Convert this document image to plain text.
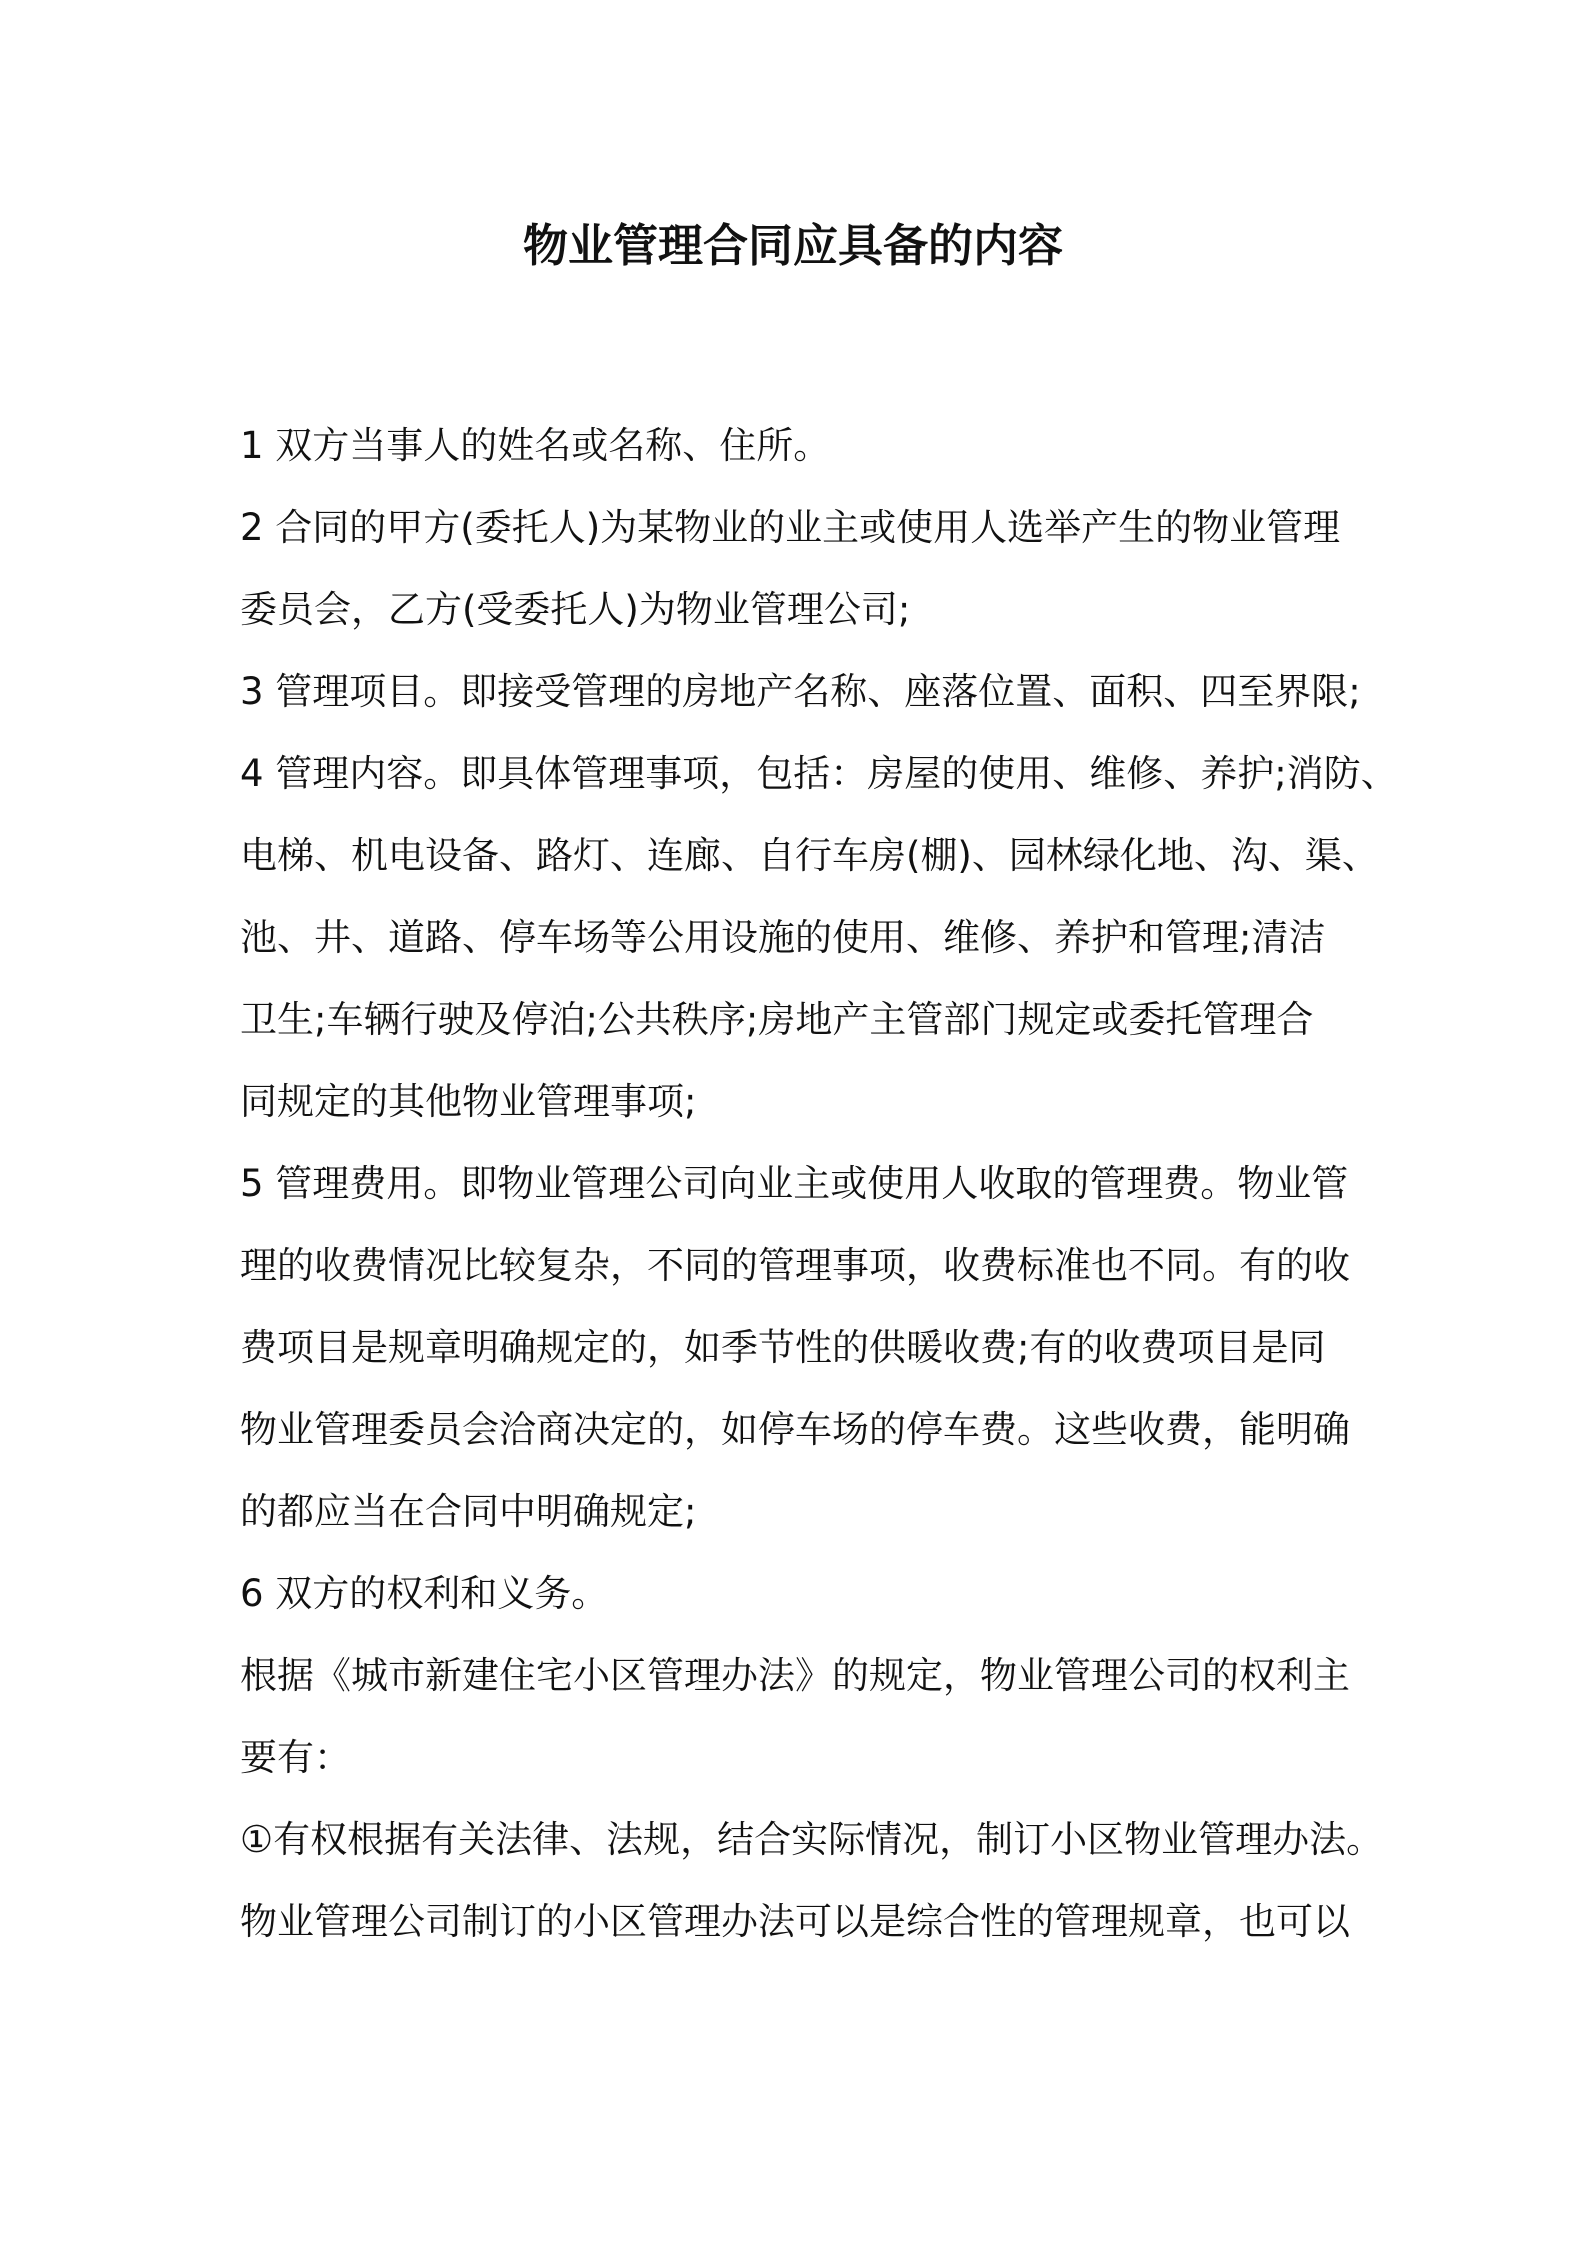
物业管理合同应具备的内容
1 双方当事人的姓名或名称、住所。
2 合同的甲方(委托人)为某物业的业主或使用人选举产生的物业管理
委员会，乙方(受委托人)为物业管理公司;
3 管理项目。即接受管理的房地产名称、座落位置、面积、四至界限;
4 管理内容。即具体管理事项，包括：房屋的使用、维修、养护;消防、
电梯、机电设备、路灯、连廊、自行车房(棚)、园林绿化地、沟、渠、
池、井、道路、停车场等公用设施的使用、维修、养护和管理;清洁
卫生;车辆行驶及停泊;公共秩序;房地产主管部门规定或委托管理合
同规定的其他物业管理事项;
5 管理费用。即物业管理公司向业主或使用人收取的管理费。物业管
理的收费情况比较复杂，不同的管理事项，收费标准也不同。有的收
费项目是规章明确规定的，如季节性的供暖收费;有的收费项目是同
物业管理委员会洽商决定的，如停车场的停车费。这些收费，能明确
的都应当在合同中明确规定;
6 双方的权利和义务。
根据《城市新建住宅小区管理办法》的规定，物业管理公司的权利主
要有：
①有权根据有关法律、法规，结合实际情况，制订小区物业管理办法。
物业管理公司制订的小区管理办法可以是综合性的管理规章，也可以
